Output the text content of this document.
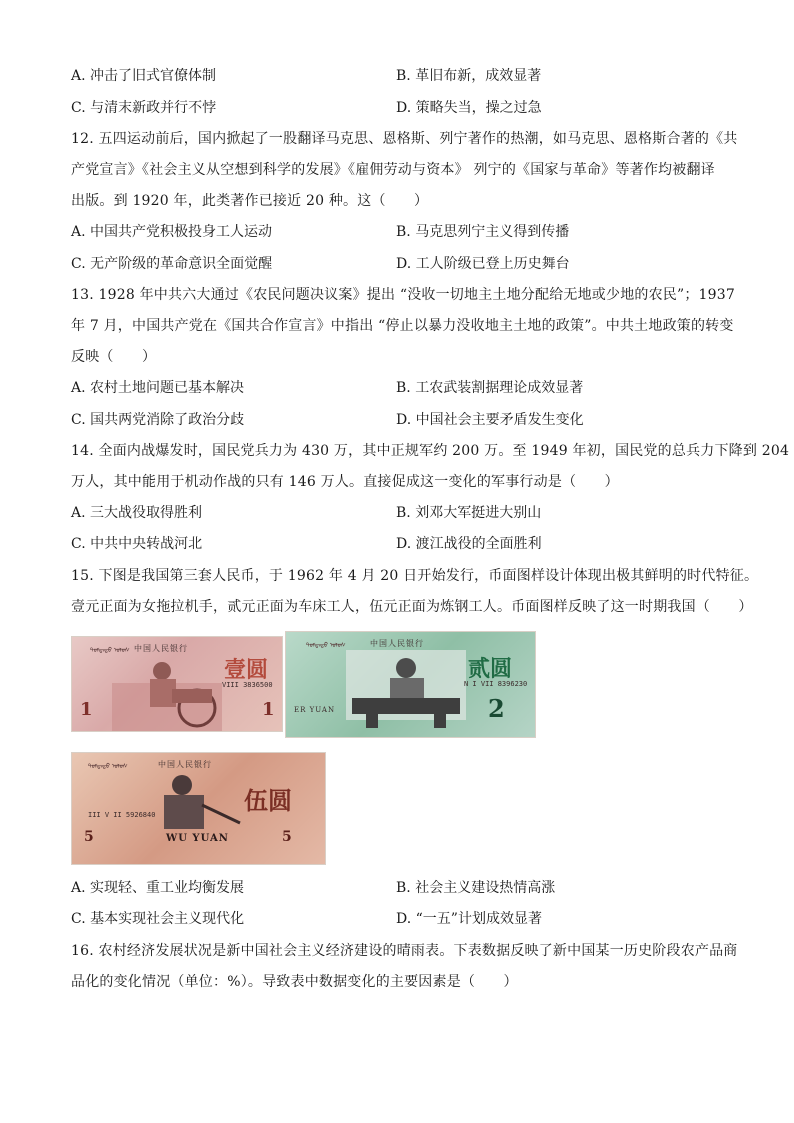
A. 冲击了旧式官僚体制	B. 革旧布新，成效显著
C. 与清末新政并行不悖	D. 策略失当，操之过急
12. 五四运动前后，国内掀起了一股翻译马克思、恩格斯、列宁著作的热潮，如马克思、恩格斯合著的《共
产党宣言》《社会主义从空想到科学的发展》《雇佣劳动与资本》 列宁的《国家与革命》等著作均被翻译
出版。到 1920 年，此类著作已接近 20 种。这（　　）
A. 中国共产党积极投身工人运动	B. 马克思列宁主义得到传播
C. 无产阶级的革命意识全面觉醒	D. 工人阶级已登上历史舞台
13. 1928 年中共六大通过《农民问题决议案》提出 “没收一切地主土地分配给无地或少地的农民”；1937
年 7 月，中国共产党在《国共合作宣言》中指出 “停止以暴力没收地主土地的政策”。中共土地政策的转变
反映（　　）
A. 农村土地问题已基本解决	B. 工农武装割据理论成效显著
C. 国共两党消除了政治分歧	D. 中国社会主要矛盾发生变化
14. 全面内战爆发时，国民党兵力为 430 万，其中正规军约 200 万。至 1949 年初，国民党的总兵力下降到 204
万人，其中能用于机动作战的只有 146 万人。直接促成这一变化的军事行动是（　　）
A. 三大战役取得胜利	B. 刘邓大军挺进大别山
C. 中共中央转战河北	D. 渡江战役的全面胜利
15. 下图是我国第三套人民币，于 1962 年 4 月 20 日开始发行，币面图样设计体现出极其鲜明的时代特征。
壹元正面为女拖拉机手，贰元正面为车床工人，伍元正面为炼钢工人。币面图样反映了这一时期我国（　　）
ᠳᠤᠮᠳᠠᠳᠤ ᠤᠯᠤᠰ 中国人民银行
壹圆
VIII 3836500
1	1
ᠳᠤᠮᠳᠠᠳᠤ ᠤᠯᠤᠰ	中国人民银行
贰圆
N I VII 8396230
ER YUAN	2
ᠳᠤᠮᠳᠠᠳᠤ ᠤᠯᠤᠰ	中国人民银行
伍圆
III V II 5926840
5	WU YUAN	5
A. 实现轻、重工业均衡发展	B. 社会主义建设热情高涨
C. 基本实现社会主义现代化	D. “一五”计划成效显著
16. 农村经济发展状况是新中国社会主义经济建设的晴雨表。下表数据反映了新中国某一历史阶段农产品商
品化的变化情况（单位：%）。导致表中数据变化的主要因素是（　　）
